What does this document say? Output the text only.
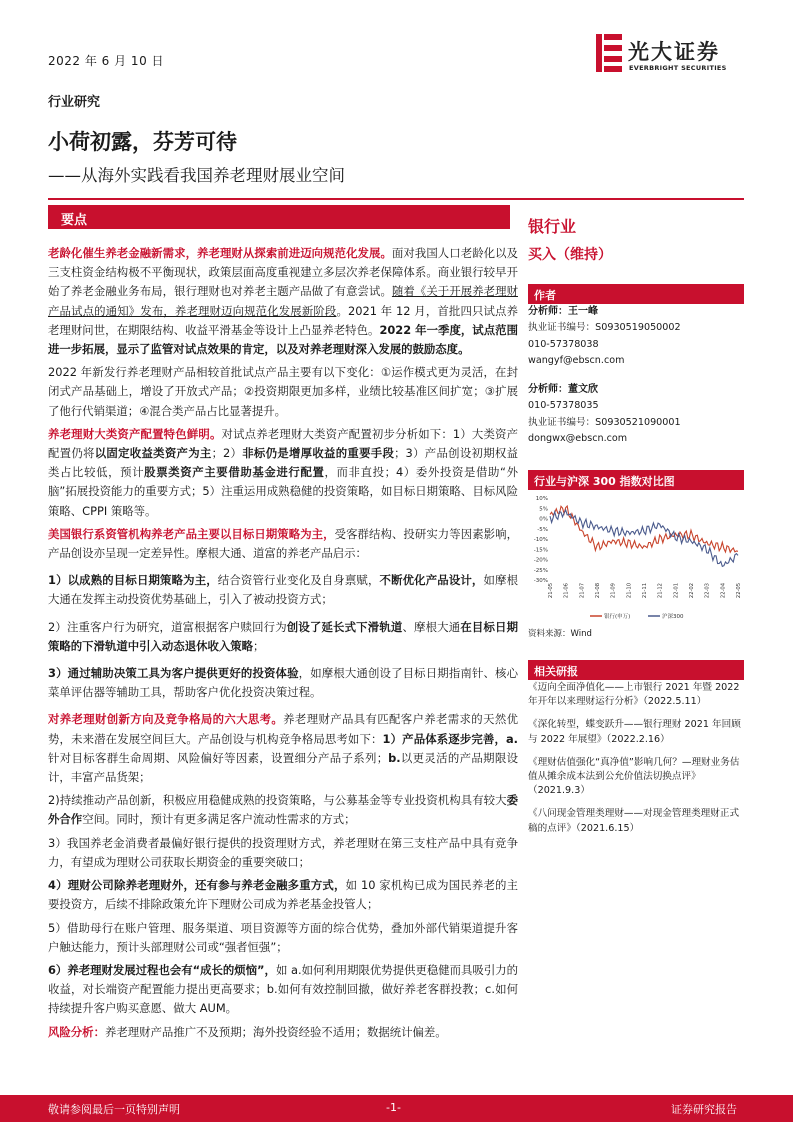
2022 年 6 月 10 日
行业研究
光大证券
EVERBRIGHT SECURITIES
小荷初露，芬芳可待
——从海外实践看我国养老理财展业空间
要点

老龄化催生养老金融新需求，养老理财从探索前进迈向规范化发展。面对我国人口老龄化以及三支柱资金结构极不平衡现状，政策层面高度重视建立多层次养老保障体系。商业银行较早开始了养老金融业务布局，银行理财也对养老主题产品做了有意尝试。随着《关于开展养老理财产品试点的通知》发布，养老理财迈向规范化发展新阶段。2021 年 12 月，首批四只试点养老理财问世，在期限结构、收益平滑基金等设计上凸显养老特色。2022 年一季度，试点范围进一步拓展，显示了监管对试点效果的肯定，以及对养老理财深入发展的鼓励态度。

2022 年新发行养老理财产品相较首批试点产品主要有以下变化：①运作模式更为灵活，在封闭式产品基础上，增设了开放式产品；②投资期限更加多样，业绩比较基准区间扩宽；③扩展了他行代销渠道；④混合类产品占比显著提升。

养老理财大类资产配置特色鲜明。对试点养老理财大类资产配置初步分析如下：1）大类资产配置仍将以固定收益类资产为主；2）非标仍是增厚收益的重要手段；3）产品创设初期权益类占比较低，预计股票类资产主要借助基金进行配置，而非直投；4）委外投资是借助“外脑”拓展投资能力的重要方式；5）注重运用成熟稳健的投资策略，如目标日期策略、目标风险策略、CPPI 策略等。

美国银行系资管机构养老产品主要以目标日期策略为主，受客群结构、投研实力等因素影响，产品创设亦呈现一定差异性。摩根大通、道富的养老产品启示：

1）以成熟的目标日期策略为主，结合资管行业变化及自身禀赋，不断优化产品设计，如摩根大通在发挥主动投资优势基础上，引入了被动投资方式；

2）注重客户行为研究，道富根据客户赎回行为创设了延长式下滑轨道、摩根大通在目标日期策略的下滑轨道中引入动态退休收入策略；

3）通过辅助决策工具为客户提供更好的投资体验，如摩根大通创设了目标日期指南针、核心菜单评估器等辅助工具，帮助客户优化投资决策过程。

对养老理财创新方向及竞争格局的六大思考。养老理财产品具有匹配客户养老需求的天然优势，未来潜在发展空间巨大。产品创设与机构竞争格局思考如下：1）产品体系逐步完善，a.针对目标客群生命周期、风险偏好等因素，设置细分产品子系列；b.以更灵活的产品期限设计，丰富产品货架；

2)持续推动产品创新，积极应用稳健成熟的投资策略，与公募基金等专业投资机构具有较大委外合作空间。同时，预计有更多满足客户流动性需求的方式；

3）我国养老金消费者最偏好银行提供的投资理财方式，养老理财在第三支柱产品中具有竞争力，有望成为理财公司获取长期资金的重要突破口；

4）理财公司除养老理财外，还有参与养老金融多重方式，如 10 家机构已成为国民养老的主要投资方，后续不排除政策允许下理财公司成为养老基金投管人；

5）借助母行在账户管理、服务渠道、项目资源等方面的综合优势，叠加外部代销渠道提升客户触达能力，预计头部理财公司或“强者恒强”；

6）养老理财发展过程也会有“成长的烦恼”，如 a.如何利用期限优势提供更稳健而具吸引力的收益，对长端资产配置能力提出更高要求；b.如何有效控制回撤，做好养老客群投教；c.如何持续提升客户购买意愿、做大 AUM。

风险分析：养老理财产品推广不及预期；海外投资经验不适用；数据统计偏差。

银行业
买入（维持）
作者
分析师：王一峰
执业证书编号：S0930519050002
010-57378038
wangyf@ebscn.com
分析师：董文欣
010-57378035
执业证书编号：S0930521090001
dongwx@ebscn.com
行业与沪深 300 指数对比图
10%
5%
0%
-5%
-10%
-15%
-20%
-25%
-30%
21-05 21-06 21-07 21-08 21-09 21-10 21-11 21-12 22-01 22-02 22-03 22-04 22-05
银行(申万)	沪深300
资料来源：Wind
相关研报
《迈向全面净值化——上市银行 2021 年暨 2022 年开年以来理财运行分析》（2022.5.11）
《深化转型，蝶变跃升——银行理财 2021 年回顾与 2022 年展望》（2022.2.16）
《理财估值强化“真净值”影响几何？—理财业务估值从摊余成本法到公允价值法切换点评》（2021.9.3）
《八问现金管理类理财——对现金管理类理财正式稿的点评》（2021.6.15）
敬请参阅最后一页特别声明	-1-	证券研究报告
